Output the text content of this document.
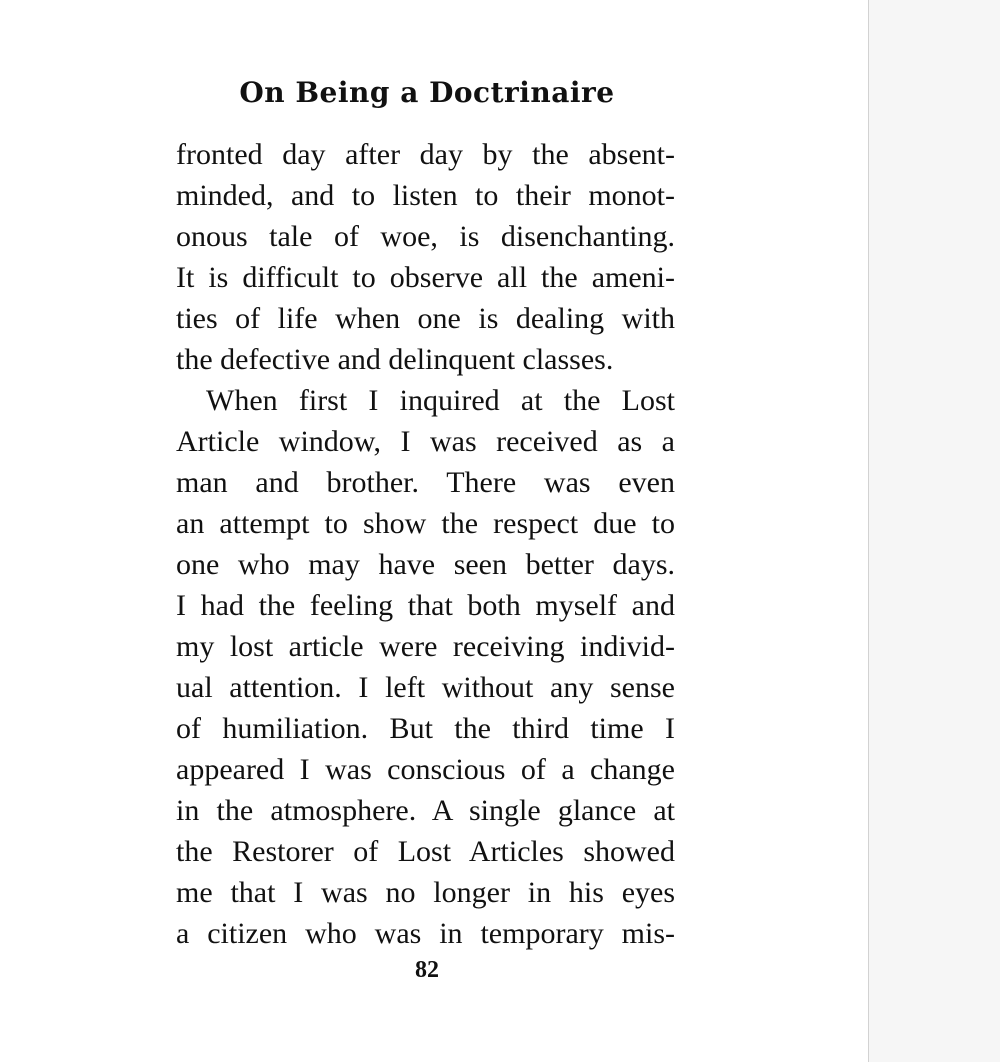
On Being a Doctrinaire
fronted day after day by the absent-
minded, and to listen to their monot-
onous tale of woe, is disenchanting.
It is difficult to observe all the ameni-
ties of life when one is dealing with
the defective and delinquent classes.
When first I inquired at the Lost
Article window, I was received as a
man and brother. There was even
an attempt to show the respect due to
one who may have seen better days.
I had the feeling that both myself and
my lost article were receiving individ-
ual attention. I left without any sense
of humiliation. But the third time I
appeared I was conscious of a change
in the atmosphere. A single glance at
the Restorer of Lost Articles showed
me that I was no longer in his eyes
a citizen who was in temporary mis-
82
